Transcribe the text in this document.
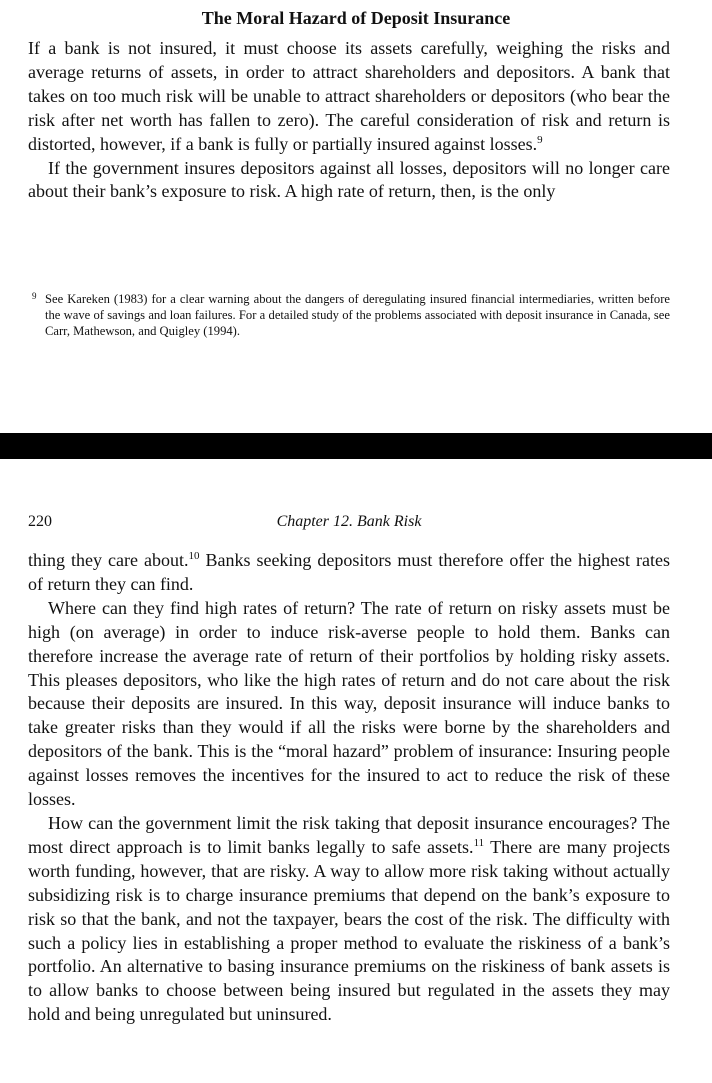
The Moral Hazard of Deposit Insurance

If a bank is not insured, it must choose its assets carefully, weighing the risks and average returns of assets, in order to attract shareholders and depositors. A bank that takes on too much risk will be unable to attract shareholders or depositors (who bear the risk after net worth has fallen to zero). The careful consideration of risk and return is distorted, however, if a bank is fully or partially insured against losses.$^9$

If the government insures depositors against all losses, depositors will no longer care about their bank’s exposure to risk. A high rate of return, then, is the only

9 See Kareken (1983) for a clear warning about the dangers of deregulating insured financial intermediaries, written before the wave of savings and loan failures. For a detailed study of the problems associated with deposit insurance in Canada, see Carr, Mathewson, and Quigley (1994).
220	Chapter 12. Bank Risk

thing they care about.$^{10}$ Banks seeking depositors must therefore offer the highest rates of return they can find.

Where can they find high rates of return? The rate of return on risky assets must be high (on average) in order to induce risk-averse people to hold them. Banks can therefore increase the average rate of return of their portfolios by holding risky assets. This pleases depositors, who like the high rates of return and do not care about the risk because their deposits are insured. In this way, deposit insurance will induce banks to take greater risks than they would if all the risks were borne by the shareholders and depositors of the bank. This is the “moral hazard” problem of insurance: Insuring people against losses removes the incentives for the insured to act to reduce the risk of these losses.

How can the government limit the risk taking that deposit insurance encourages? The most direct approach is to limit banks legally to safe assets.$^{11}$ There are many projects worth funding, however, that are risky. A way to allow more risk taking without actually subsidizing risk is to charge insurance premiums that depend on the bank’s exposure to risk so that the bank, and not the taxpayer, bears the cost of the risk. The difficulty with such a policy lies in establishing a proper method to evaluate the riskiness of a bank’s portfolio. An alternative to basing insurance premiums on the riskiness of bank assets is to allow banks to choose between being insured but regulated in the assets they may hold and being unregulated but uninsured.
